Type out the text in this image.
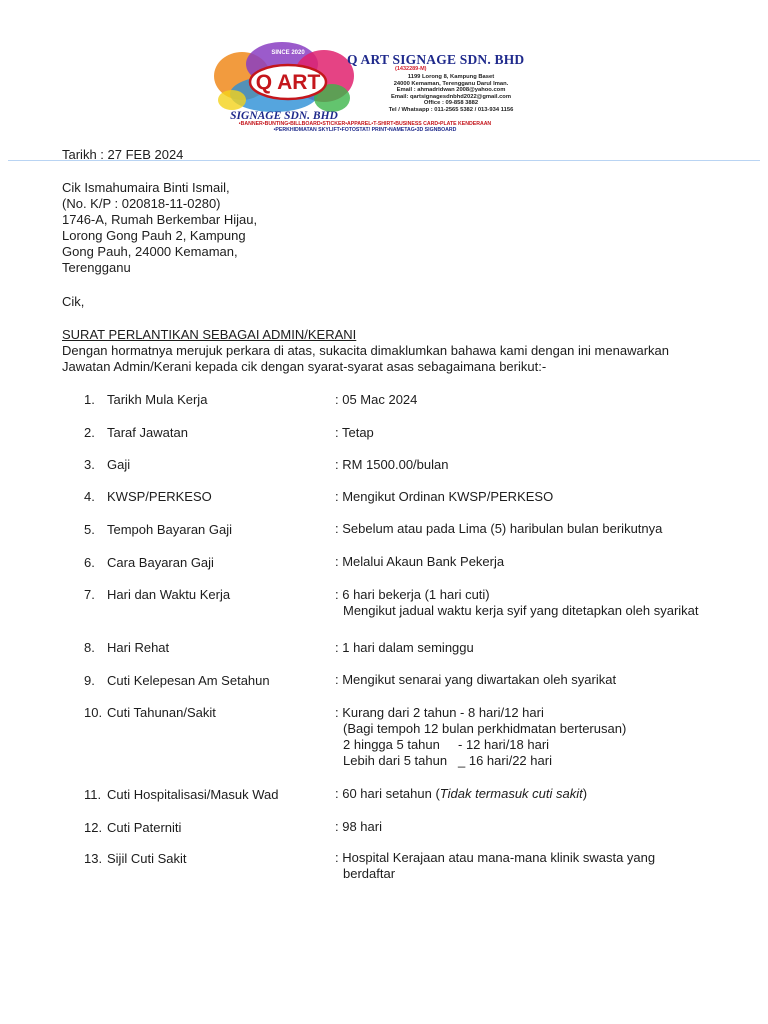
SINCE 2020
Q ART
SIGNAGE SDN. BHD
Q ART SIGNAGE SDN. BHD
(1432289-M)
1199 Lorong 8, Kampung Baset
24000 Kemaman, Terengganu Darul Iman.
Email : ahmadridwan 2008@yahoo.com
Email: qartsignagesdnbhd2022@gmail.com
Office : 09-858 3882
Tel / Whatsapp : 011-2565 5382 / 013-934 1156
•BANNER•BUNTING•BILLBOARD•STICKER•APPAREL•T-SHIRT•BUSINESS CARD•PLATE KENDERAAN
•PERKHIDMATAN SKYLIFT•FOTOSTAT/ PRINT•NAMETAG•3D SIGNBOARD
Tarikh : 27 FEB 2024
Cik Ismahumaira Binti Ismail,
(No. K/P : 020818-11-0280)
1746-A, Rumah Berkembar Hijau,
Lorong Gong Pauh 2, Kampung
Gong Pauh, 24000 Kemaman,
Terengganu
Cik,
SURAT PERLANTIKAN SEBAGAI ADMIN/KERANI
Dengan hormatnya merujuk perkara di atas, sukacita dimaklumkan bahawa kami dengan ini menawarkan
Jawatan Admin/Kerani kepada cik dengan syarat-syarat asas sebagaimana berikut:-
1. Tarikh Mula Kerja	: 05 Mac 2024
2. Taraf Jawatan	: Tetap
3. Gaji	: RM 1500.00/bulan
4. KWSP/PERKESO	: Mengikut Ordinan KWSP/PERKESO
5. Tempoh Bayaran Gaji	: Sebelum atau pada Lima (5) haribulan bulan berikutnya
6. Cara Bayaran Gaji	: Melalui Akaun Bank Pekerja
7. Hari dan Waktu Kerja	: 6 hari bekerja (1 hari cuti)
Mengikut jadual waktu kerja syif yang ditetapkan oleh syarikat
8. Hari Rehat	: 1 hari dalam seminggu
9. Cuti Kelepesan Am Setahun	: Mengikut senarai yang diwartakan oleh syarikat
10. Cuti Tahunan/Sakit	: Kurang dari 2 tahun - 8 hari/12 hari
(Bagi tempoh 12 bulan perkhidmatan berterusan)
2 hingga 5 tahun - 12 hari/18 hari
Lebih dari 5 tahun _ 16 hari/22 hari
11. Cuti Hospitalisasi/Masuk Wad	: 60 hari setahun (Tidak termasuk cuti sakit)
12. Cuti Paterniti	: 98 hari
13. Sijil Cuti Sakit	: Hospital Kerajaan atau mana-mana klinik swasta yang
berdaftar
